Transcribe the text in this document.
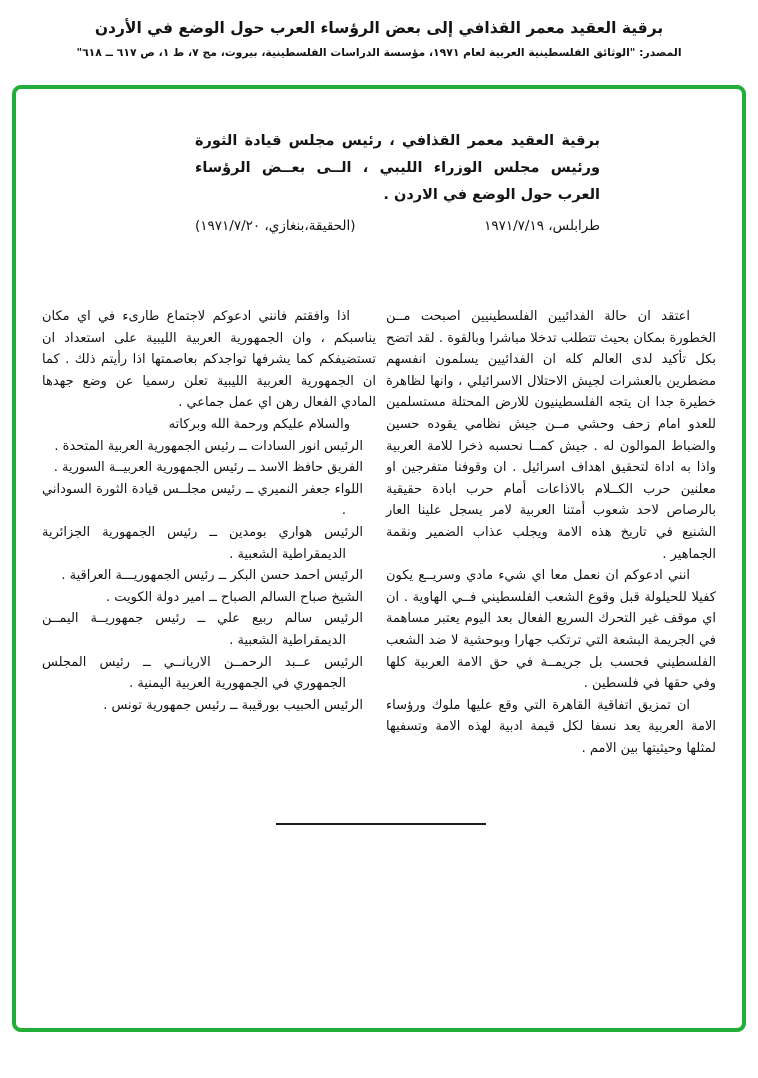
برقية العقيد معمر القذافي إلى بعض الرؤساء العرب حول الوضع في الأردن
المصدر: "الوثائق الفلسطينية العربية لعام ١٩٧١، مؤسسة الدراسات الفلسطينية، بيروت، مج ٧، ط ١، ص ٦١٧ ــ ٦١٨"
برقية العقيد معمر القذافي ، رئيس مجلس قيادة الثورة
ورئيس مجلس الوزراء الليبي ، الــى بعــض الرؤساء
العرب حول الوضع في الاردن .
طرابلس، ١٩٧١/٧/١٩
(الحقيقة،بنغازي، ١٩٧١/٧/٢٠)

اعتقد ان حالة الفدائيين الفلسطينيين اصبحت مــن الخطورة بمكان بحيث تتطلب تدخلا مباشرا وبالقوة . لقد اتضح بكل تأكيد لدى العالم كله ان الفدائيين يسلمون انفسهم مضطرين بالعشرات لجيش الاحتلال الاسرائيلي ، وانها لظاهرة خطيرة جدا ان يتجه الفلسطينيون للارض المحتلة مستسلمين للعدو امام زحف وحشي مــن جيش نظامي يقوده حسين والضباط الموالون له . جيش كمــا نحسبه ذخرا للامة العربية واذا به اداة لتحقيق اهداف اسرائيل . ان وقوفنا متفرجين او معلنين حرب الكــلام بالاذاعات أمام حرب ابادة حقيقية بالرصاص لاحد شعوب أمتنا العربية لامر يسجل علينا العار الشنيع في تاريخ هذه الامة ويجلب عذاب الضمير ونقمة الجماهير .

انني ادعوكم ان نعمل معا اي شيء مادي وسريــع يكون كفيلا للحيلولة قبل وقوع الشعب الفلسطيني فــي الهاوية . ان اي موقف غير التحرك السريع الفعال بعد اليوم يعتبر مساهمة في الجريمة البشعة التي ترتكب جهارا وبوحشية لا ضد الشعب الفلسطيني فحسب بل جريمــة في حق الامة العربية كلها وفي حقها في فلسطين .

ان تمزيق اتفاقية القاهرة التي وقع عليها ملوك ورؤساء الامة العربية يعد نسفا لكل قيمة ادبية لهذه الامة وتسفيها لمثلها وحيثيتها بين الامم .

اذا وافقتم فانني ادعوكم لاجتماع طارىء في اي مكان يناسبكم ، وان الجمهورية العربية الليبية على استعداد ان تستضيفكم كما يشرفها تواجدكم بعاصمتها اذا رأيتم ذلك . كما ان الجمهورية العربية الليبية تعلن رسميا عن وضع جهدها المادي الفعال رهن اي عمل جماعي .

والسلام عليكم ورحمة الله وبركاته

الرئيس انور السادات ــ رئيس الجمهورية العربية المتحدة .

الفريق حافظ الاسد ــ رئيس الجمهورية العربيــة السورية .

اللواء جعفر النميري ــ رئيس مجلــس قيادة الثورة السوداني .

الرئيس هواري بومدين ــ رئيس الجمهورية الجزائرية الديمقراطية الشعبية .

الرئيس احمد حسن البكر ــ رئيس الجمهوريـــة العراقية .

الشيخ صباح السالم الصباح ــ امير دولة الكويت .

الرئيس سالم ربيع علي ــ رئيس جمهوريــة اليمــن الديمقراطية الشعبية .

الرئيس عــبد الرحمــن الاريانــي ــ رئيس المجلس الجمهوري في الجمهورية العربية اليمنية .

الرئيس الحبيب بورقيبة ــ رئيس جمهورية تونس .
